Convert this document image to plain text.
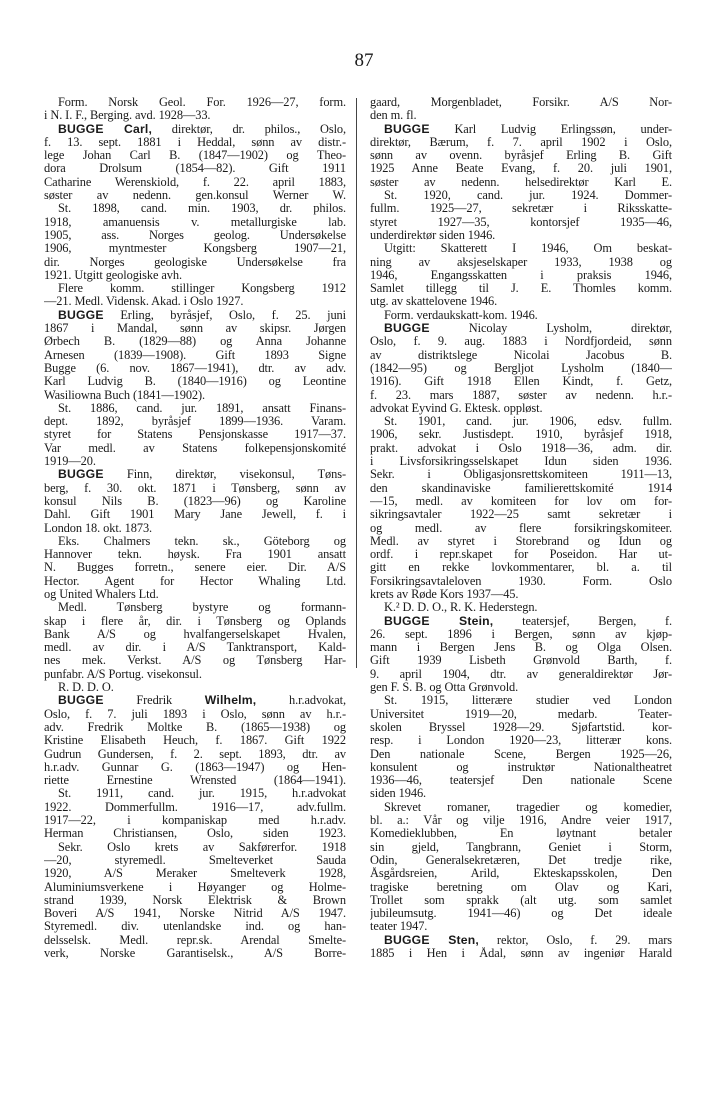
87
Form. Norsk Geol. For. 1926—27, form.
i N. I. F., Berging. avd. 1928—33.
BUGGE Carl, direktør, dr. philos., Oslo,
f. 13. sept. 1881 i Heddal, sønn av distr.-
lege Johan Carl B. (1847—1902) og Theo-
dora Drolsum (1854—82). Gift 1911
Catharine Werenskiold, f. 22. april 1883,
søster av nedenn. gen.konsul Werner W.
St. 1898, cand. min. 1903, dr. philos.
1918, amanuensis v. metallurgiske lab.
1905, ass. Norges geolog. Undersøkelse
1906, myntmester Kongsberg 1907—21,
dir. Norges geologiske Undersøkelse fra
1921. Utgitt geologiske avh.
Flere komm. stillinger Kongsberg 1912
—21. Medl. Vidensk. Akad. i Oslo 1927.
BUGGE Erling, byråsjef, Oslo, f. 25. juni
1867 i Mandal, sønn av skipsr. Jørgen
Ørbech B. (1829—88) og Anna Johanne
Arnesen (1839—1908). Gift 1893 Signe
Bugge (6. nov. 1867—1941), dtr. av adv.
Karl Ludvig B. (1840—1916) og Leontine
Wasiliowna Buch (1841—1902).
St. 1886, cand. jur. 1891, ansatt Finans-
dept. 1892, byråsjef 1899—1936. Varam.
styret for Statens Pensjonskasse 1917—37.
Var medl. av Statens folkepensjonskomité
1919—20.
BUGGE Finn, direktør, visekonsul, Tøns-
berg, f. 30. okt. 1871 i Tønsberg, sønn av
konsul Nils B. (1823—96) og Karoline
Dahl. Gift 1901 Mary Jane Jewell, f. i
London 18. okt. 1873.
Eks. Chalmers tekn. sk., Göteborg og
Hannover tekn. høysk. Fra 1901 ansatt
N. Bugges forretn., senere eier. Dir. A/S
Hector. Agent for Hector Whaling Ltd.
og United Whalers Ltd.
Medl. Tønsberg bystyre og formann-
skap i flere år, dir. i Tønsberg og Oplands
Bank A/S og hvalfangerselskapet Hvalen,
medl. av dir. i A/S Tanktransport, Kald-
nes mek. Verkst. A/S og Tønsberg Har-
punfabr. A/S Portug. visekonsul.
R. D. D. O.
BUGGE Fredrik Wilhelm, h.r.advokat,
Oslo, f. 7. juli 1893 i Oslo, sønn av h.r.-
adv. Fredrik Moltke B. (1865—1938) og
Kristine Elisabeth Heuch, f. 1867. Gift 1922
Gudrun Gundersen, f. 2. sept. 1893, dtr. av
h.r.adv. Gunnar G. (1863—1947) og Hen-
riette Ernestine Wrensted (1864—1941).
St. 1911, cand. jur. 1915, h.r.advokat
1922. Dommerfullm. 1916—17, adv.fullm.
1917—22, i kompaniskap med h.r.adv.
Herman Christiansen, Oslo, siden 1923.
Sekr. Oslo krets av Sakførerfor. 1918
—20, styremedl. Smelteverket Sauda
1920, A/S Meraker Smelteverk 1928,
Aluminiumsverkene i Høyanger og Holme-
strand 1939, Norsk Elektrisk & Brown
Boveri A/S 1941, Norske Nitrid A/S 1947.
Styremedl. div. utenlandske ind. og han-
delsselsk. Medl. repr.sk. Arendal Smelte-
verk, Norske Garantiselsk., A/S Borre-
gaard, Morgenbladet, Forsikr. A/S Nor-
den m. fl.
BUGGE Karl Ludvig Erlingssøn, under-
direktør, Bærum, f. 7. april 1902 i Oslo,
sønn av ovenn. byråsjef Erling B. Gift
1925 Anne Beate Evang, f. 20. juli 1901,
søster av nedenn. helsedirektør Karl E.
St. 1920, cand. jur. 1924. Dommer-
fullm. 1925—27, sekretær i Riksskatte-
styret 1927—35, kontorsjef 1935—46,
underdirektør siden 1946.
Utgitt: Skatterett I 1946, Om beskat-
ning av aksjeselskaper 1933, 1938 og
1946, Engangsskatten i praksis 1946,
Samlet tillegg til J. E. Thomles komm.
utg. av skattelovene 1946.
Form. verdaukskatt-kom. 1946.
BUGGE Nicolay Lysholm, direktør,
Oslo, f. 9. aug. 1883 i Nordfjordeid, sønn
av distriktslege Nicolai Jacobus B.
(1842—95) og Bergljot Lysholm (1840—
1916). Gift 1918 Ellen Kindt, f. Getz,
f. 23. mars 1887, søster av nedenn. h.r.-
advokat Eyvind G. Ektesk. oppløst.
St. 1901, cand. jur. 1906, edsv. fullm.
1906, sekr. Justisdept. 1910, byråsjef 1918,
prakt. advokat i Oslo 1918—36, adm. dir.
i Livsforsikringsselskapet Idun siden 1936.
Sekr. i Obligasjonsrettskomiteen 1911—13,
den skandinaviske familierettskomité 1914
—15, medl. av komiteen for lov om for-
sikringsavtaler 1922—25 samt sekretær i
og medl. av flere forsikringskomiteer.
Medl. av styret i Storebrand og Idun og
ordf. i repr.skapet for Poseidon. Har ut-
gitt en rekke lovkommentarer, bl. a. til
Forsikringsavtaleloven 1930. Form. Oslo
krets av Røde Kors 1937—45.
K.² D. D. O., R. K. Hederstegn.
BUGGE Stein, teatersjef, Bergen, f.
26. sept. 1896 i Bergen, sønn av kjøp-
mann i Bergen Jens B. og Olga Olsen.
Gift 1939 Lisbeth Grønvold Barth, f.
9. april 1904, dtr. av generaldirektør Jør-
gen F. S. B. og Otta Grønvold.
St. 1915, litterære studier ved London
Universitet 1919—20, medarb. Teater-
skolen Bryssel 1928—29. Sjøfartstid. kor-
resp. i London 1920—23, litterær kons.
Den nationale Scene, Bergen 1925—26,
konsulent og instruktør Nationaltheatret
1936—46, teatersjef Den nationale Scene
siden 1946.
Skrevet romaner, tragedier og komedier,
bl. a.: Vår og vilje 1916, Andre veier 1917,
Komedieklubben, En løytnant betaler
sin gjeld, Tangbrann, Geniet i Storm,
Odin, Generalsekretæren, Det tredje rike,
Åsgårdsreien, Arild, Ekteskapsskolen, Den
tragiske beretning om Olav og Kari,
Trollet som sprakk (alt utg. som samlet
jubileumsutg. 1941—46) og Det ideale
teater 1947.
BUGGE Sten, rektor, Oslo, f. 29. mars
1885 i Hen i Ådal, sønn av ingeniør Harald
